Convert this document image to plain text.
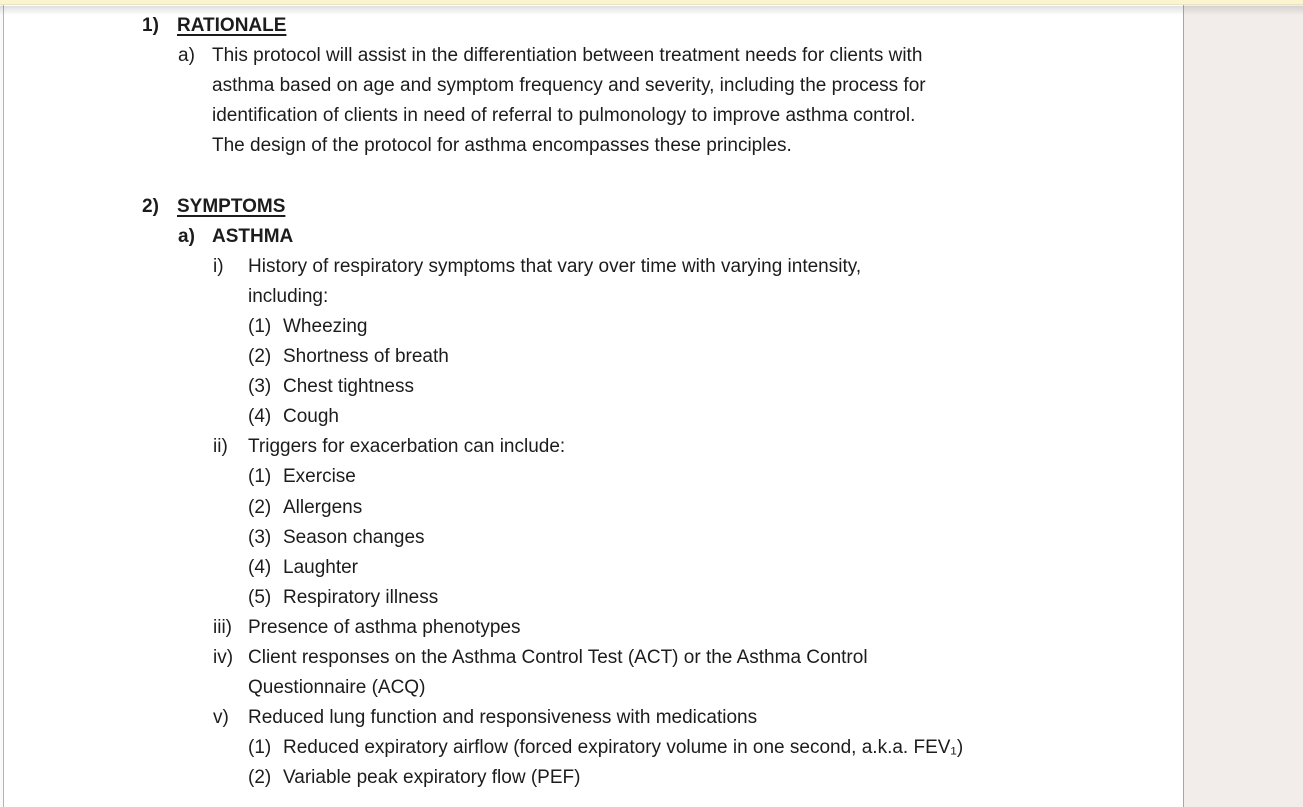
1) RATIONALE
a) This protocol will assist in the differentiation between treatment needs for clients with
asthma based on age and symptom frequency and severity, including the process for
identification of clients in need of referral to pulmonology to improve asthma control.
The design of the protocol for asthma encompasses these principles.
2) SYMPTOMS
a) ASTHMA
i) History of respiratory symptoms that vary over time with varying intensity,
including:
(1) Wheezing
(2) Shortness of breath
(3) Chest tightness
(4) Cough
ii) Triggers for exacerbation can include:
(1) Exercise
(2) Allergens
(3) Season changes
(4) Laughter
(5) Respiratory illness
iii) Presence of asthma phenotypes
iv) Client responses on the Asthma Control Test (ACT) or the Asthma Control
Questionnaire (ACQ)
v) Reduced lung function and responsiveness with medications
(1) Reduced expiratory airflow (forced expiratory volume in one second, a.k.a. FEV₁)
(2) Variable peak expiratory flow (PEF)
